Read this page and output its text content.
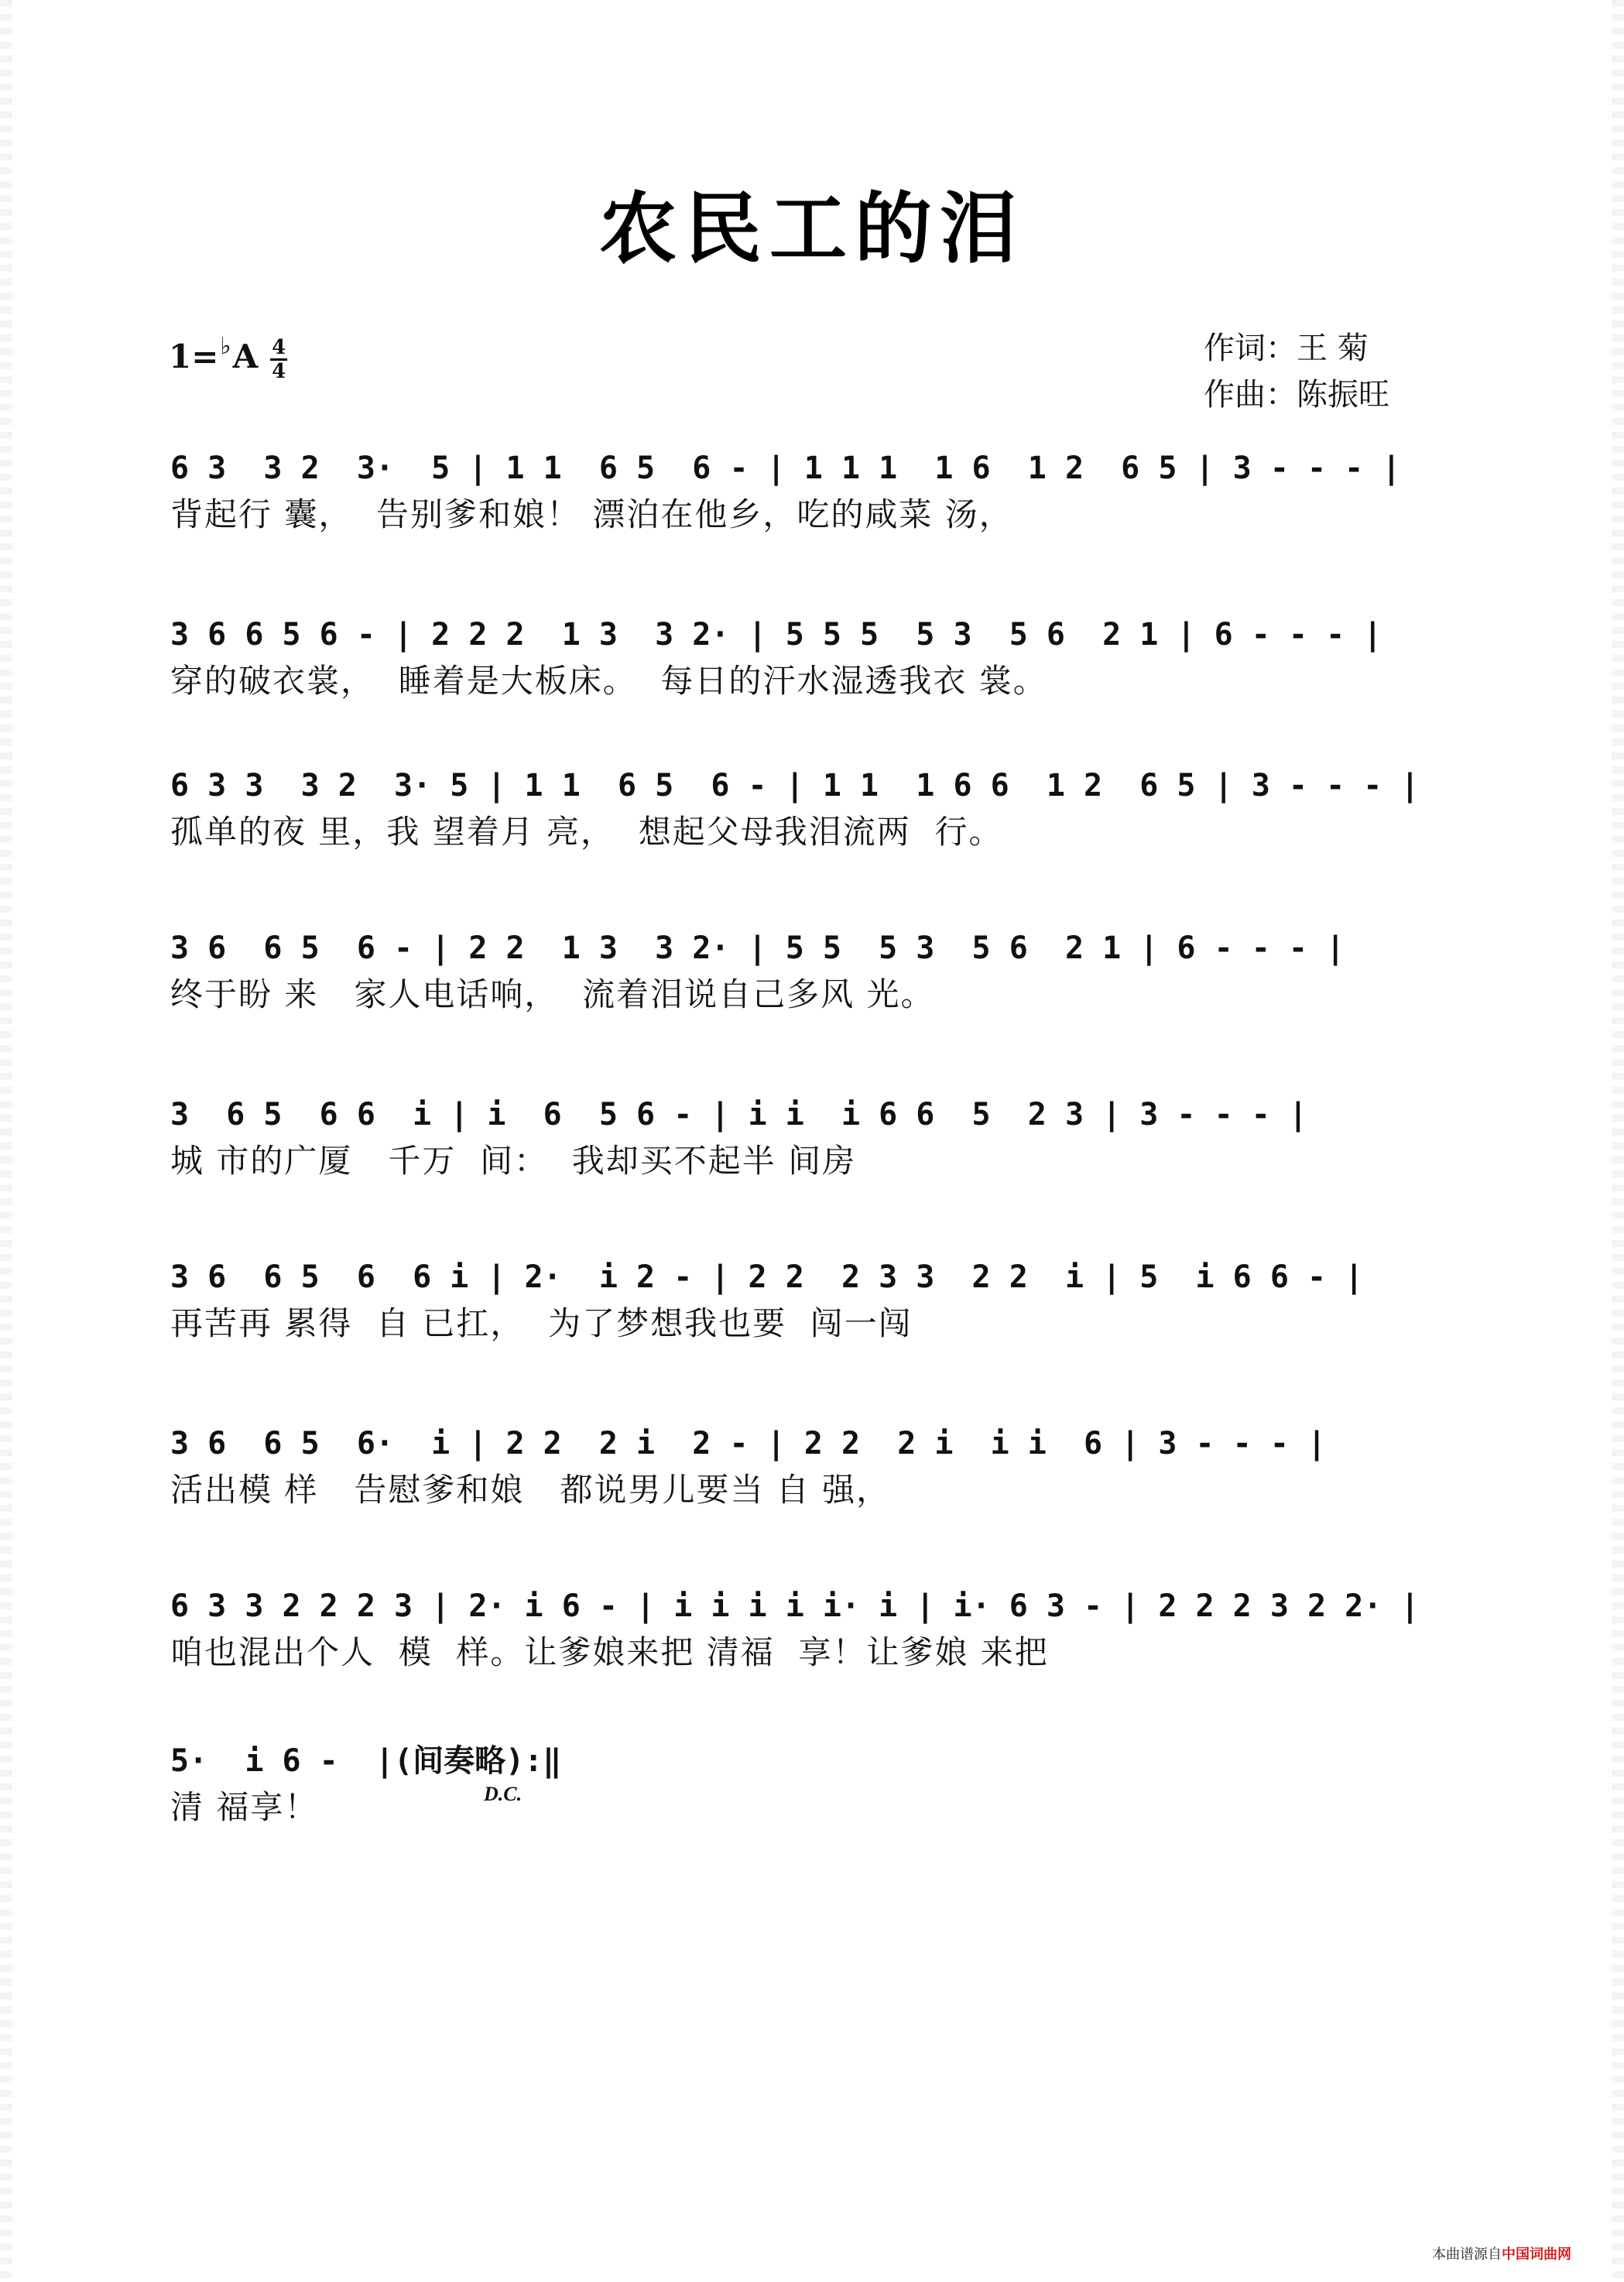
农民工的泪
$1=^♭A \frac{4}{4}$	作词：王 菊
作曲：陈振旺
6 3  3 2  3·  5 | 1 1  6 5  6 - | 1 1 1  1 6  1 2  6 5 | 3 - - - |
背起行 囊，  告别爹和娘！ 漂泊在他乡，吃的咸菜 汤，
3 6 6 5 6 - | 2 2 2  1 3  3 2· | 5 5 5  5 3  5 6  2 1 | 6 - - - |
穿的破衣裳，  睡着是大板床。  每日的汗水湿透我衣 裳。
6 3 3  3 2  3· 5 | 1 1  6 5  6 - | 1 1  1 6 6  1 2  6 5 | 3 - - - |
孤单的夜 里，我 望着月 亮，  想起父母我泪流两  行。
3 6  6 5  6 - | 2 2  1 3  3 2· | 5 5  5 3  5 6  2 1 | 6 - - - |
终于盼 来   家人电话响，  流着泪说自己多风 光。
3  6 5  6 6  i | i  6  5 6 - | i i  i 6 6  5  2 3 | 3 - - - |
城 市的广厦   千万  间：  我却买不起半 间房
3 6  6 5  6  6 i | 2·  i 2 - | 2 2  2 3 3  2 2  i | 5  i 6 6 - |
再苦再 累得  自 已扛，  为了梦想我也要  闯一闯
3 6  6 5  6·  i | 2 2  2 i  2 - | 2 2  2 i  i i  6 | 3 - - - |
活出模 样   告慰爹和娘   都说男儿要当 自 强，
6 3 3 2 2 2 3 | 2· i 6 - | i i i i i· i | i· 6 3 - | 2 2 2 3 2 2· |
咱也混出个人  模  样。让爹娘来把 清福  享！让爹娘 来把
5·  i 6 -  |(间奏略):‖
清 福享！	D.C.
本曲谱源自中国词曲网
